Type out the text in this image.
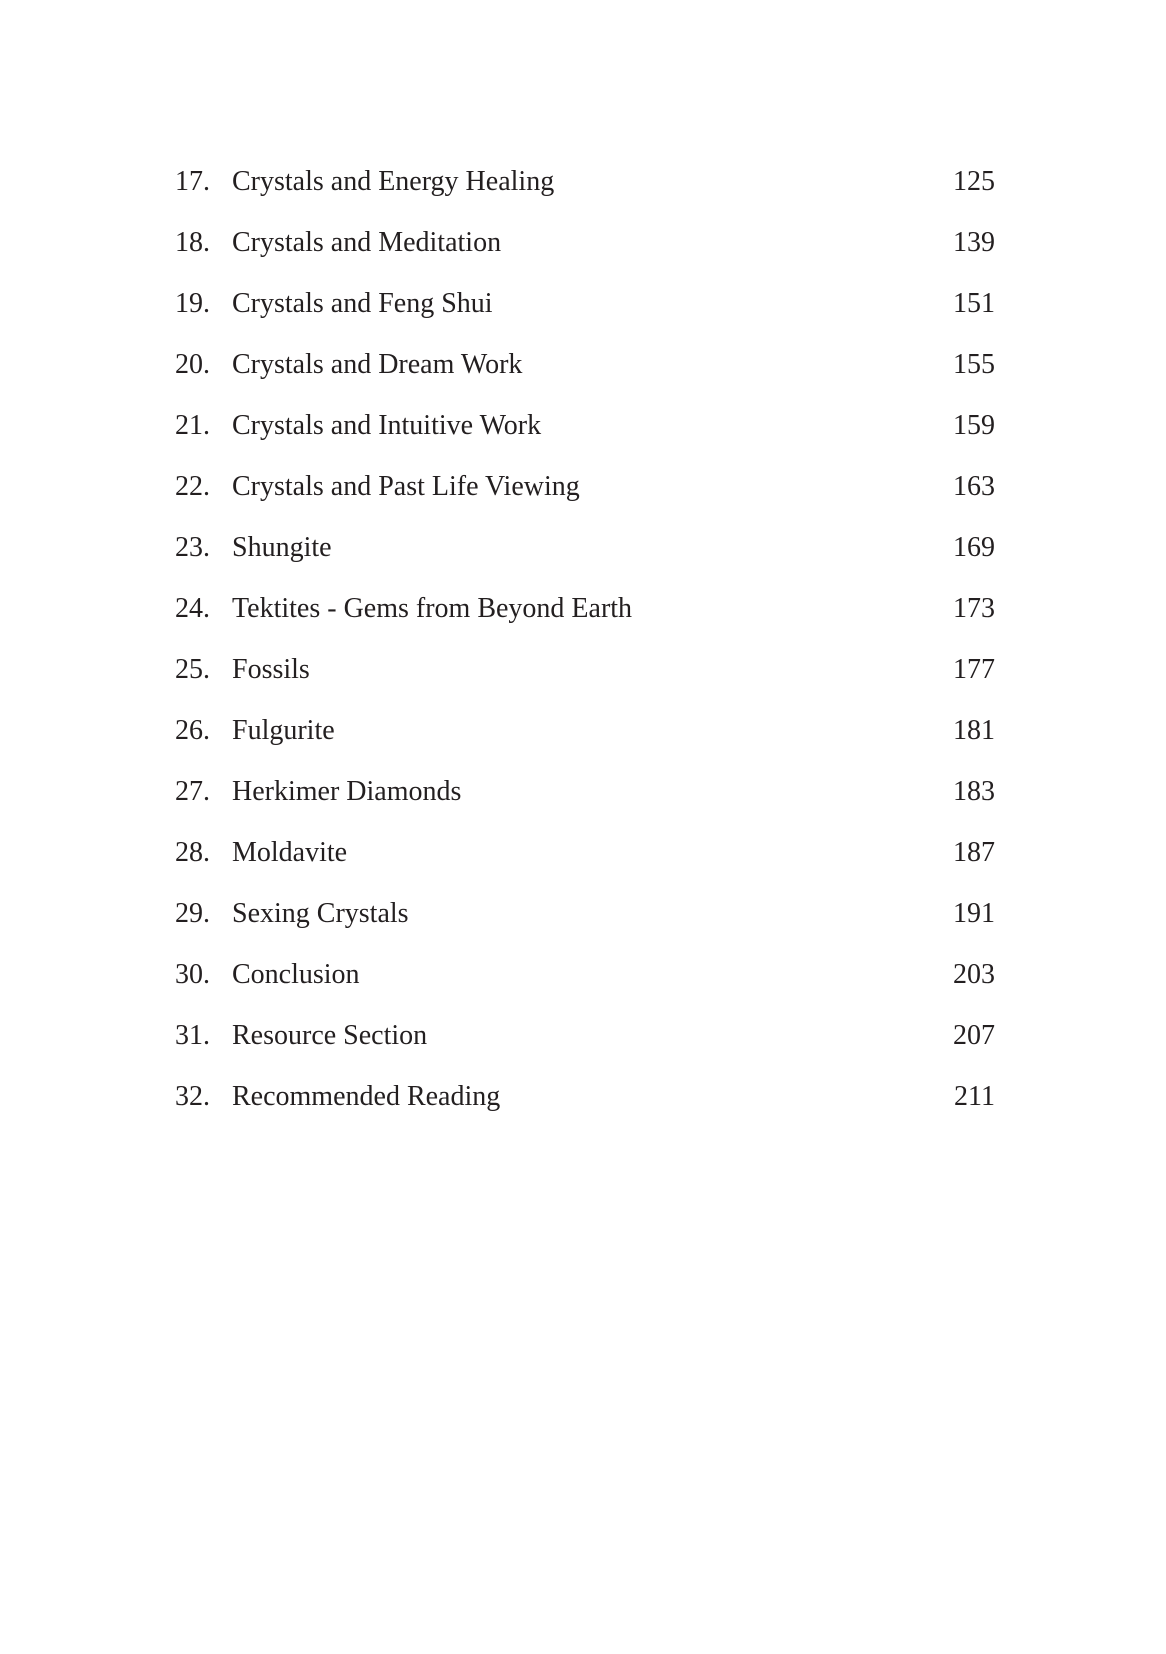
17. Crystals and Energy Healing	125
18. Crystals and Meditation	139
19. Crystals and Feng Shui	151
20. Crystals and Dream Work	155
21. Crystals and Intuitive Work	159
22. Crystals and Past Life Viewing	163
23. Shungite	169
24. Tektites - Gems from Beyond Earth	173
25. Fossils	177
26. Fulgurite	181
27. Herkimer Diamonds	183
28. Moldavite	187
29. Sexing Crystals	191
30. Conclusion	203
31. Resource Section	207
32. Recommended Reading	211
